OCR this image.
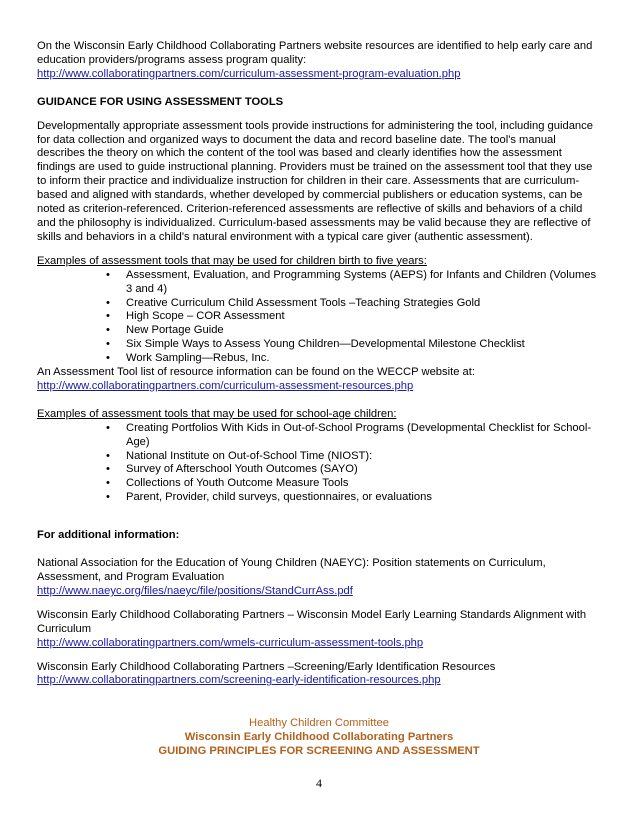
On the Wisconsin Early Childhood Collaborating Partners website resources are identified to help early care and education providers/programs assess program quality:

http://www.collaboratingpartners.com/curriculum-assessment-program-evaluation.php

GUIDANCE FOR USING ASSESSMENT TOOLS

Developmentally appropriate assessment tools provide instructions for administering the tool, including guidance for data collection and organized ways to document the data and record baseline date. The tool's manual describes the theory on which the content of the tool was based and clearly identifies how the assessment findings are used to guide instructional planning. Providers must be trained on the assessment tool that they use to inform their practice and individualize instruction for children in their care. Assessments that are curriculum-based and aligned with standards, whether developed by commercial publishers or education systems, can be noted as criterion-referenced. Criterion-referenced assessments are reflective of skills and behaviors of a child and the philosophy is individualized. Curriculum-based assessments may be valid because they are reflective of skills and behaviors in a child's natural environment with a typical care giver (authentic assessment).

Examples of assessment tools that may be used for children birth to five years:

• Assessment, Evaluation, and Programming Systems (AEPS) for Infants and Children (Volumes 3 and 4)
• Creative Curriculum Child Assessment Tools –Teaching Strategies Gold
• High Scope – COR Assessment
• New Portage Guide
• Six Simple Ways to Assess Young Children—Developmental Milestone Checklist
• Work Sampling—Rebus, Inc.

An Assessment Tool list of resource information can be found on the WECCP website at:

http://www.collaboratingpartners.com/curriculum-assessment-resources.php

Examples of assessment tools that may be used for school-age children:

• Creating Portfolios With Kids in Out-of-School Programs (Developmental Checklist for School-Age)
• National Institute on Out-of-School Time (NIOST):
• Survey of Afterschool Youth Outcomes (SAYO)
• Collections of Youth Outcome Measure Tools
• Parent, Provider, child surveys, questionnaires, or evaluations

For additional information:

National Association for the Education of Young Children (NAEYC): Position statements on Curriculum, Assessment, and Program Evaluation

http://www.naeyc.org/files/naeyc/file/positions/StandCurrAss.pdf

Wisconsin Early Childhood Collaborating Partners – Wisconsin Model Early Learning Standards Alignment with Curriculum

http://www.collaboratingpartners.com/wmels-curriculum-assessment-tools.php

Wisconsin Early Childhood Collaborating Partners –Screening/Early Identification Resources

http://www.collaboratingpartners.com/screening-early-identification-resources.php

Healthy Children Committee
Wisconsin Early Childhood Collaborating Partners
GUIDING PRINCIPLES FOR SCREENING AND ASSESSMENT
4
